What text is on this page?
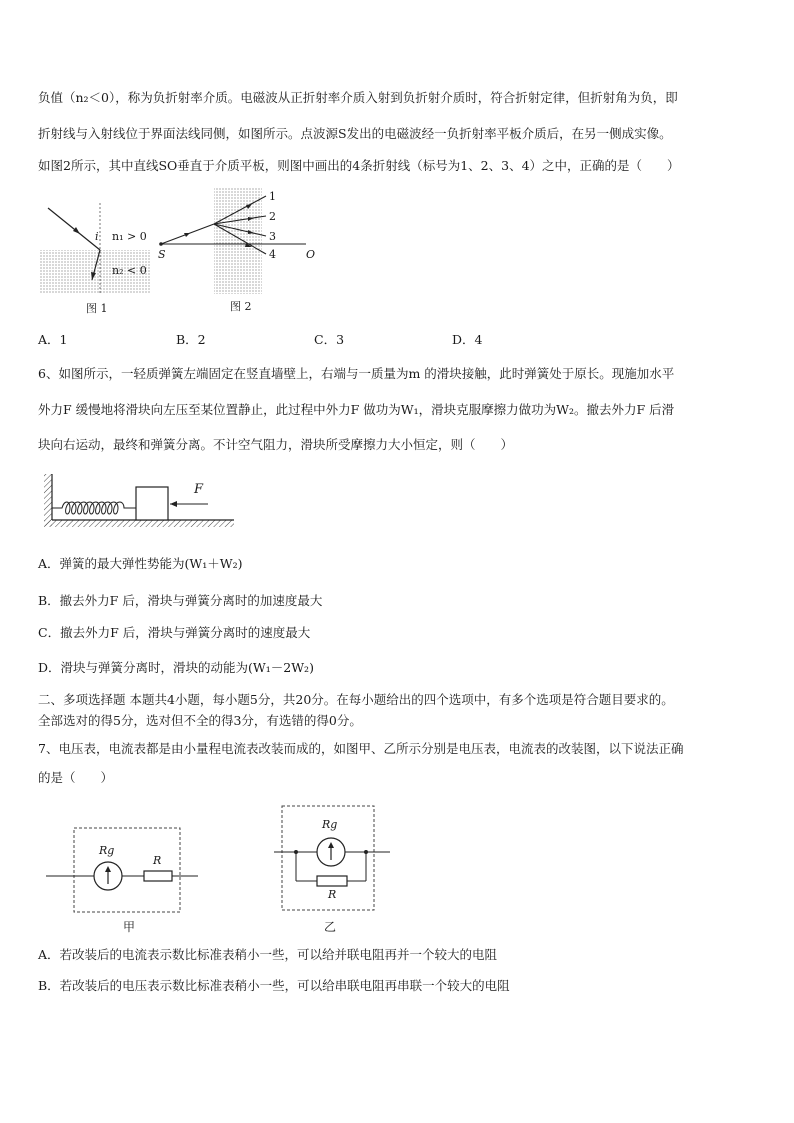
负值（n₂＜0），称为负折射率介质。电磁波从正折射率介质入射到负折射介质时，符合折射定律，但折射角为负，即
折射线与入射线位于界面法线同侧，如图所示。点波源S发出的电磁波经一负折射率平板介质后，在另一侧成实像。
如图2所示，其中直线SO垂直于介质平板，则图中画出的4条折射线（标号为1、2、3、4）之中，正确的是（　　）
i n₁ > 0
n₂ < 0
图 1
S	O
1
2
3
4
图 2
A．1	B．2	C．3	D．4
6、如图所示，一轻质弹簧左端固定在竖直墙壁上，右端与一质量为m 的滑块接触，此时弹簧处于原长。现施加水平
外力F 缓慢地将滑块向左压至某位置静止，此过程中外力F 做功为W₁，滑块克服摩擦力做功为W₂。撤去外力F 后滑
块向右运动，最终和弹簧分离。不计空气阻力，滑块所受摩擦力大小恒定，则（　　）
F
A．弹簧的最大弹性势能为(W₁＋W₂)
B．撤去外力F 后，滑块与弹簧分离时的加速度最大
C．撤去外力F 后，滑块与弹簧分离时的速度最大
D．滑块与弹簧分离时，滑块的动能为(W₁－2W₂)
二、多项选择题 本题共4小题，每小题5分，共20分。在每小题给出的四个选项中，有多个选项是符合题目要求的。
全部选对的得5分，选对但不全的得3分，有选错的得0分。
7、电压表，电流表都是由小量程电流表改装而成的，如图甲、乙所示分别是电压表，电流表的改装图，以下说法正确
的是（　　）
Rg
R
甲
Rg
R
乙
A．若改装后的电流表示数比标准表稍小一些，可以给并联电阻再并一个较大的电阻
B．若改装后的电压表示数比标准表稍小一些，可以给串联电阻再串联一个较大的电阻
